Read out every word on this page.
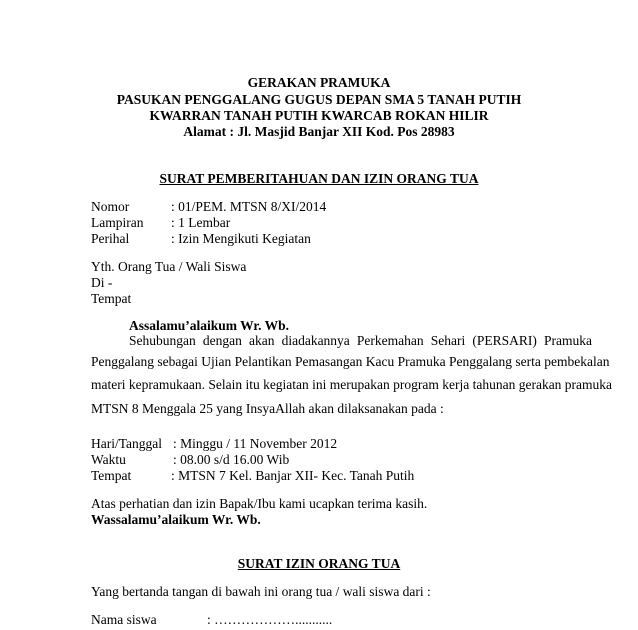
GERAKAN PRAMUKA
PASUKAN PENGGALANG GUGUS DEPAN SMA 5 TANAH PUTIH
KWARRAN TANAH PUTIH KWARCAB ROKAN HILIR
Alamat : Jl. Masjid Banjar XII Kod. Pos 28983
SURAT PEMBERITAHUAN DAN IZIN ORANG TUA
Nomor	: 01/PEM. MTSN 8/XI/2014
Lampiran : 1 Lembar
Perihal	: Izin Mengikuti Kegiatan
Yth. Orang Tua / Wali Siswa
Di -
Tempat
Assalamu’alaikum Wr. Wb.
Sehubungan dengan akan diadakannya Perkemahan Sehari (PERSARI) Pramuka
Penggalang sebagai Ujian Pelantikan Pemasangan Kacu Pramuka Penggalang serta pembekalan
materi kepramukaan. Selain itu kegiatan ini merupakan program kerja tahunan gerakan pramuka
MTSN 8 Menggala 25 yang InsyaAllah akan dilaksanakan pada :
Hari/Tanggal : Minggu / 11 November 2012
Waktu	: 08.00 s/d 16.00 Wib
Tempat	: MTSN 7 Kel. Banjar XII- Kec. Tanah Putih
Atas perhatian dan izin Bapak/Ibu kami ucapkan terima kasih.
Wassalamu’alaikum Wr. Wb.
SURAT IZIN ORANG TUA
Yang bertanda tangan di bawah ini orang tua / wali siswa dari :
Nama siswa	: ………………...........
